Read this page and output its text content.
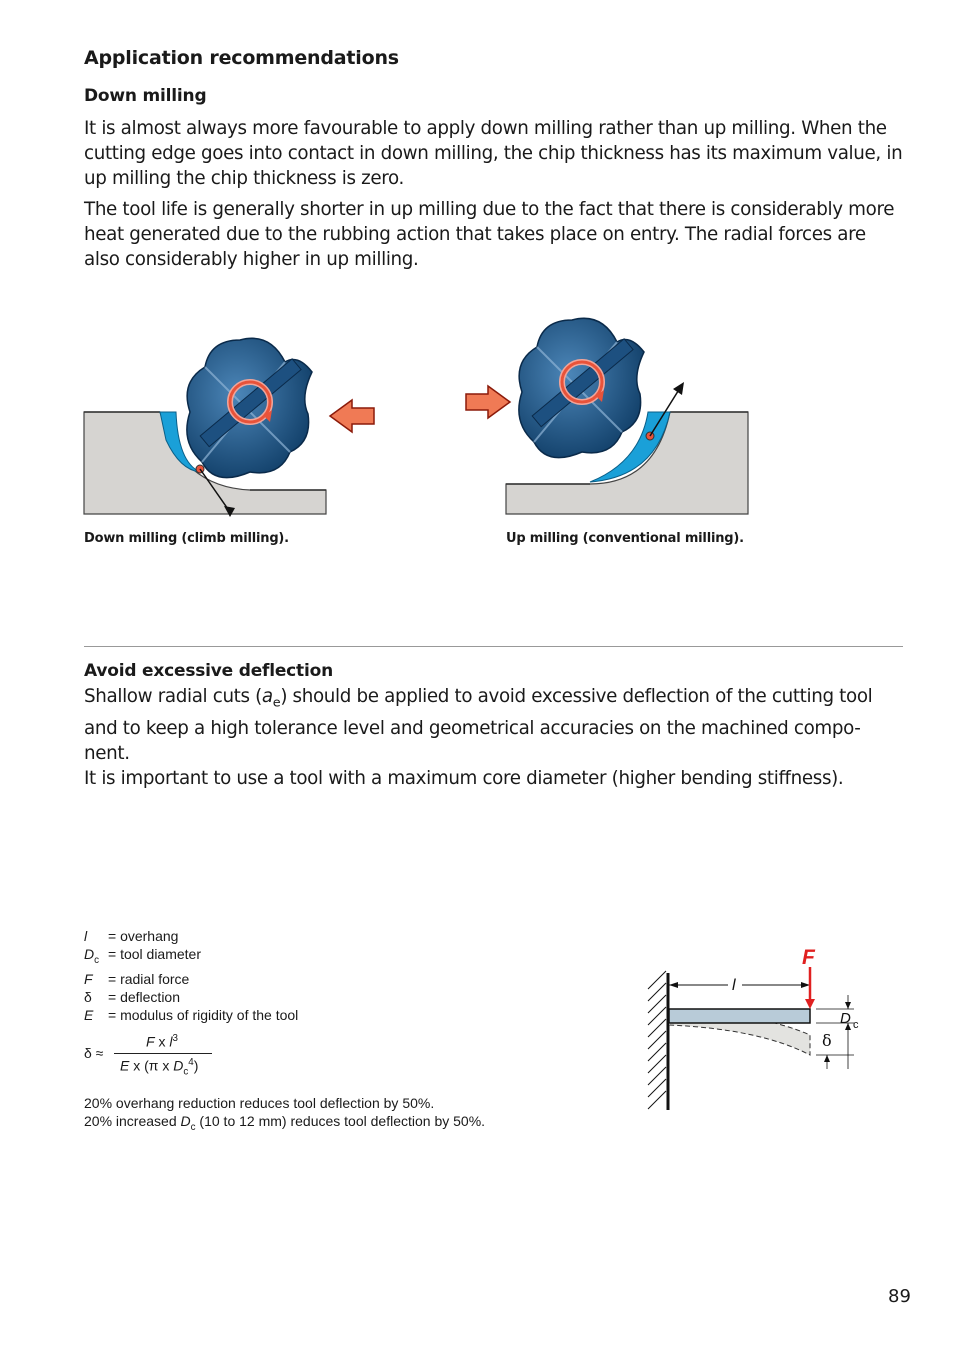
Application recommendations
Down milling

It is almost always more favourable to apply down milling rather than up milling. When the cutting edge goes into contact in down milling, the chip thickness has its maximum value, in up milling the chip thickness is zero.

The tool life is generally shorter in up milling due to the fact that there is considerably more heat generated due to the rubbing action that takes place on entry. The radial forces are also considerably higher in up milling.

Down milling (climb milling).	Up milling (conventional milling).
Avoid excessive deflection

Shallow radial cuts $(a_e)$ should be applied to avoid excessive deflection of the cutting tool and to keep a high tolerance level and geometrical accuracies on the machined compo-nent.

It is important to use a tool with a maximum core diameter (higher bending stiffness).

l	= overhang
$D_c$ = tool diameter
F	= radial force
δ	= deflection
E	= modulus of rigidity of the tool
δ ≈
F x $l^3$
E x (π x $D_c^4$)
20% overhang reduction reduces tool deflection by 50%.
20% increased $D_c$ (10 to 12 mm) reduces tool deflection by 50%.
l
F
D c
δ
89
